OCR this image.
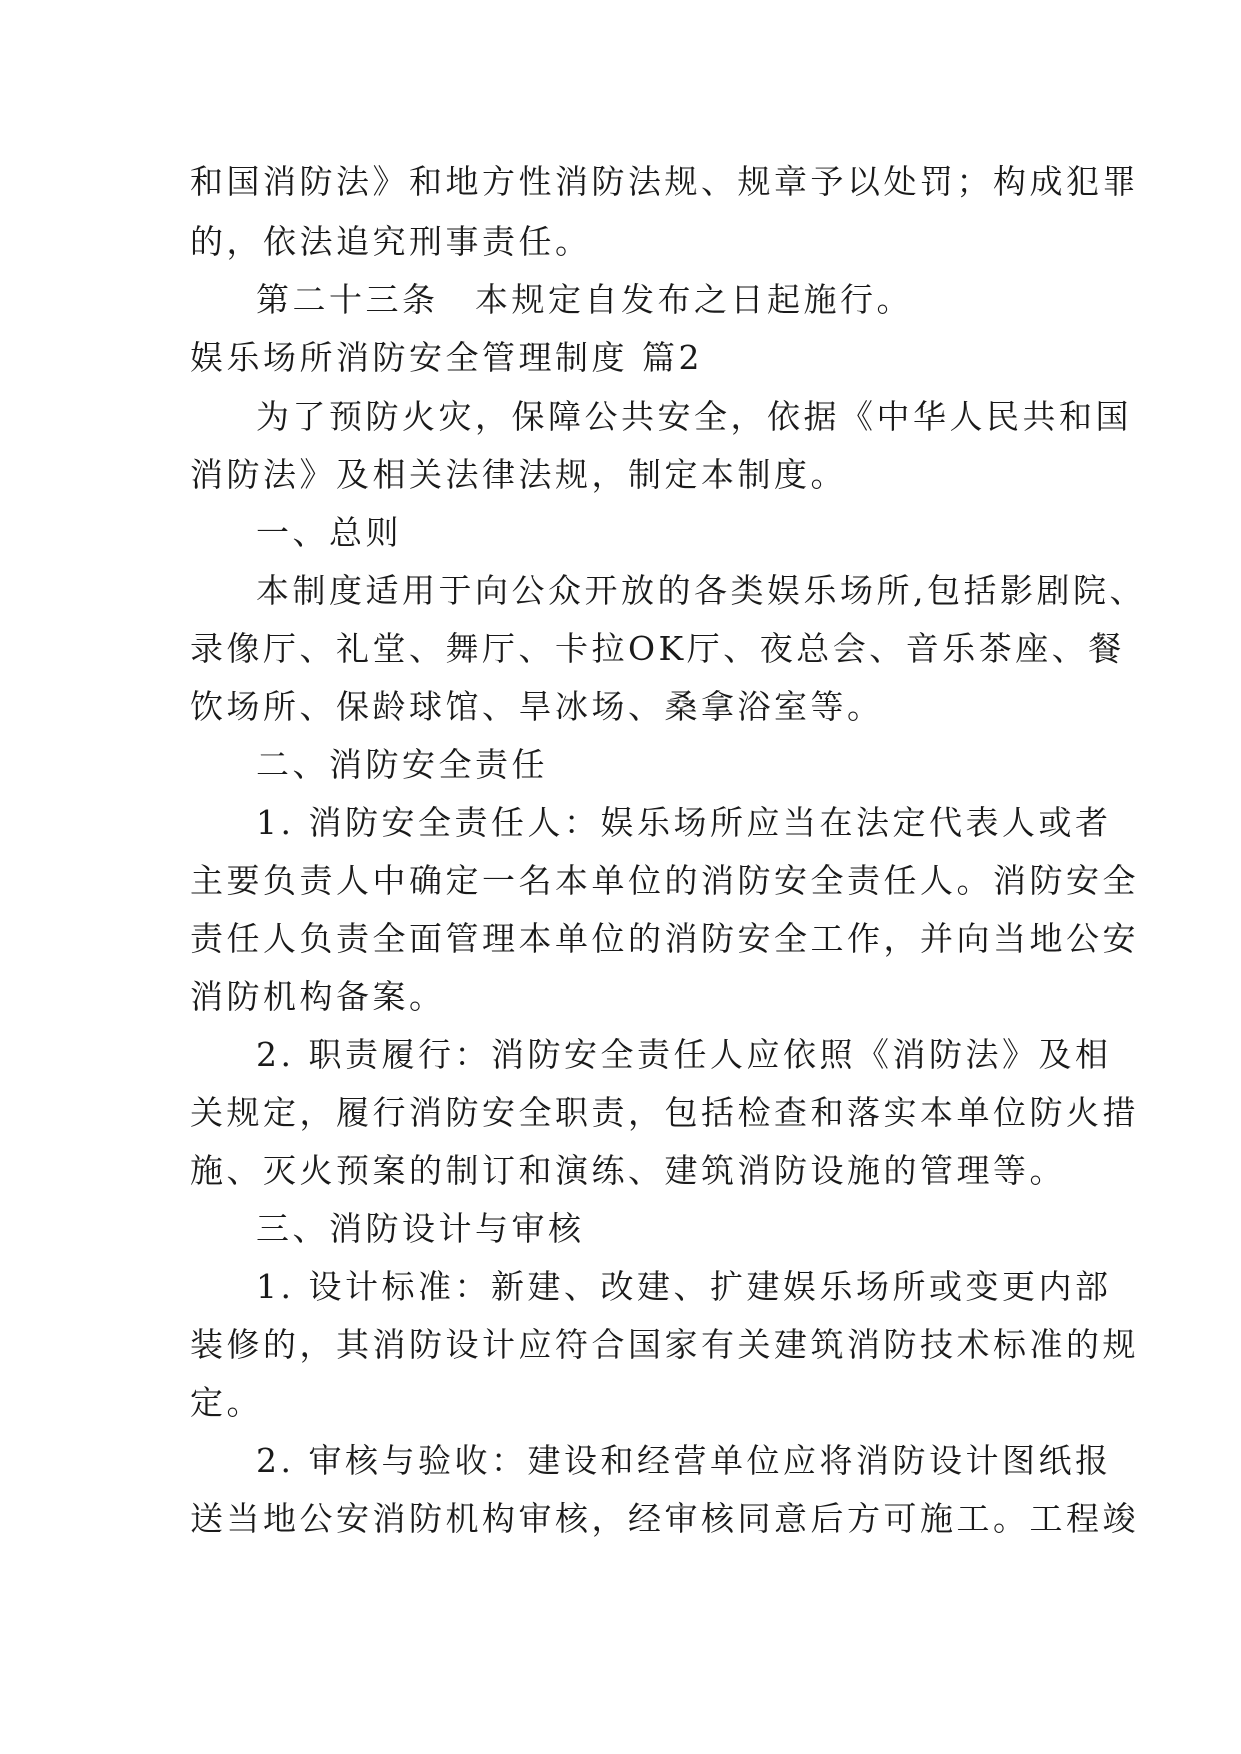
和国消防法》和地方性消防法规、规章予以处罚；构成犯罪
的，依法追究刑事责任。
第二十三条　本规定自发布之日起施行。
娱乐场所消防安全管理制度 篇2
为了预防火灾，保障公共安全，依据《中华人民共和国
消防法》及相关法律法规，制定本制度。
一、总则
本制度适用于向公众开放的各类娱乐场所,包括影剧院、
录像厅、礼堂、舞厅、卡拉OK厅、夜总会、音乐茶座、餐
饮场所、保龄球馆、旱冰场、桑拿浴室等。
二、消防安全责任
1. 消防安全责任人：娱乐场所应当在法定代表人或者
主要负责人中确定一名本单位的消防安全责任人。消防安全
责任人负责全面管理本单位的消防安全工作，并向当地公安
消防机构备案。
2. 职责履行：消防安全责任人应依照《消防法》及相
关规定，履行消防安全职责，包括检查和落实本单位防火措
施、灭火预案的制订和演练、建筑消防设施的管理等。
三、消防设计与审核
1. 设计标准：新建、改建、扩建娱乐场所或变更内部
装修的，其消防设计应符合国家有关建筑消防技术标准的规
定。
2. 审核与验收：建设和经营单位应将消防设计图纸报
送当地公安消防机构审核，经审核同意后方可施工。工程竣
